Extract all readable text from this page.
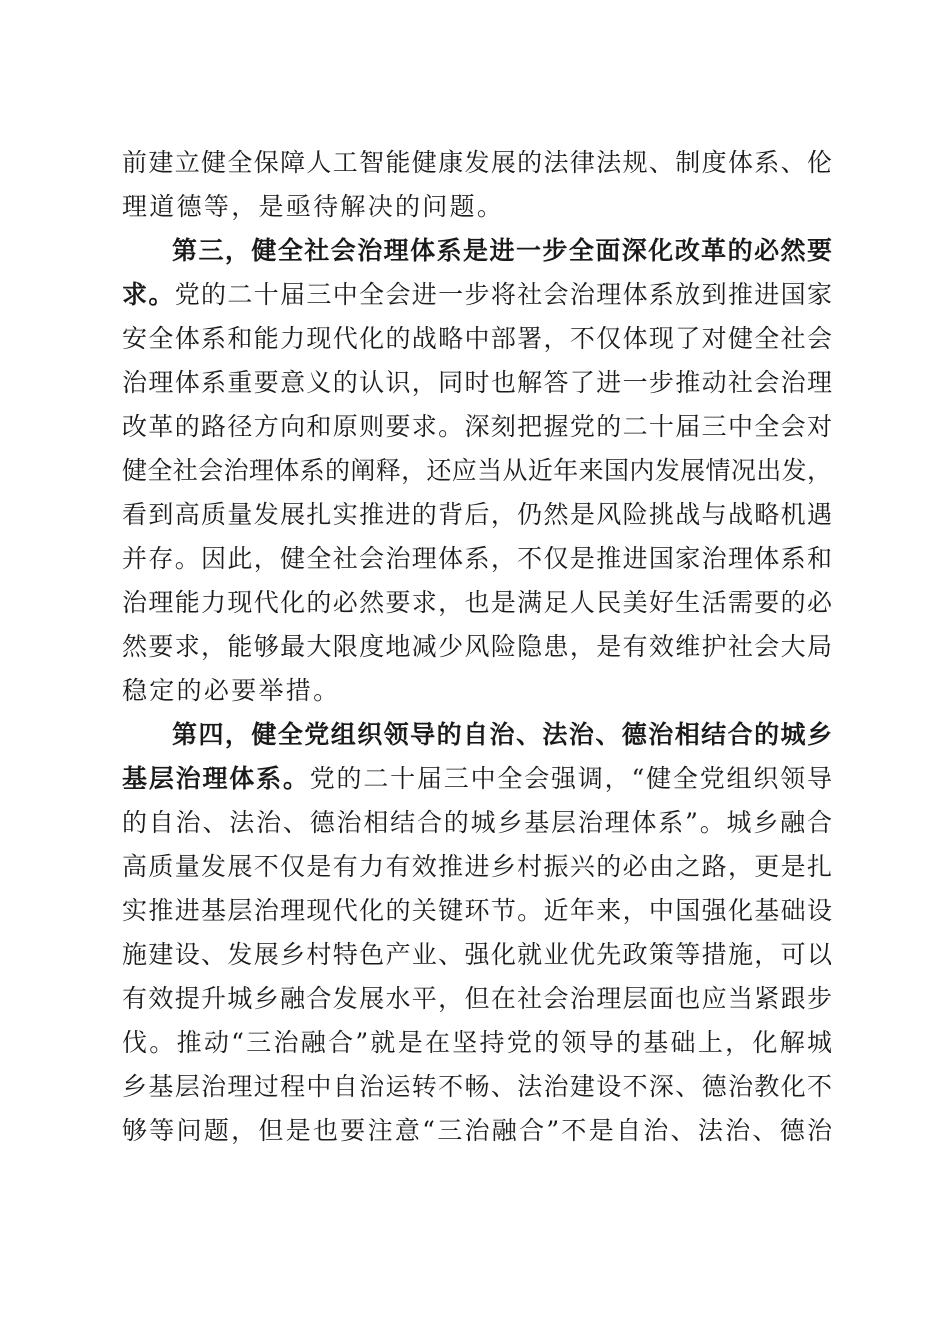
前建立健全保障人工智能健康发展的法律法规、制度体系、伦
理道德等，是亟待解决的问题。
第三，健全社会治理体系是进一步全面深化改革的必然要
求。党的二十届三中全会进一步将社会治理体系放到推进国家
安全体系和能力现代化的战略中部署，不仅体现了对健全社会
治理体系重要意义的认识，同时也解答了进一步推动社会治理
改革的路径方向和原则要求。深刻把握党的二十届三中全会对
健全社会治理体系的阐释，还应当从近年来国内发展情况出发，
看到高质量发展扎实推进的背后，仍然是风险挑战与战略机遇
并存。因此，健全社会治理体系，不仅是推进国家治理体系和
治理能力现代化的必然要求，也是满足人民美好生活需要的必
然要求，能够最大限度地减少风险隐患，是有效维护社会大局
稳定的必要举措。
第四，健全党组织领导的自治、法治、德治相结合的城乡
基层治理体系。党的二十届三中全会强调，“健全党组织领导
的自治、法治、德治相结合的城乡基层治理体系”。城乡融合
高质量发展不仅是有力有效推进乡村振兴的必由之路，更是扎
实推进基层治理现代化的关键环节。近年来，中国强化基础设
施建设、发展乡村特色产业、强化就业优先政策等措施，可以
有效提升城乡融合发展水平，但在社会治理层面也应当紧跟步
伐。推动“三治融合”就是在坚持党的领导的基础上，化解城
乡基层治理过程中自治运转不畅、法治建设不深、德治教化不
够等问题，但是也要注意“三治融合”不是自治、法治、德治
